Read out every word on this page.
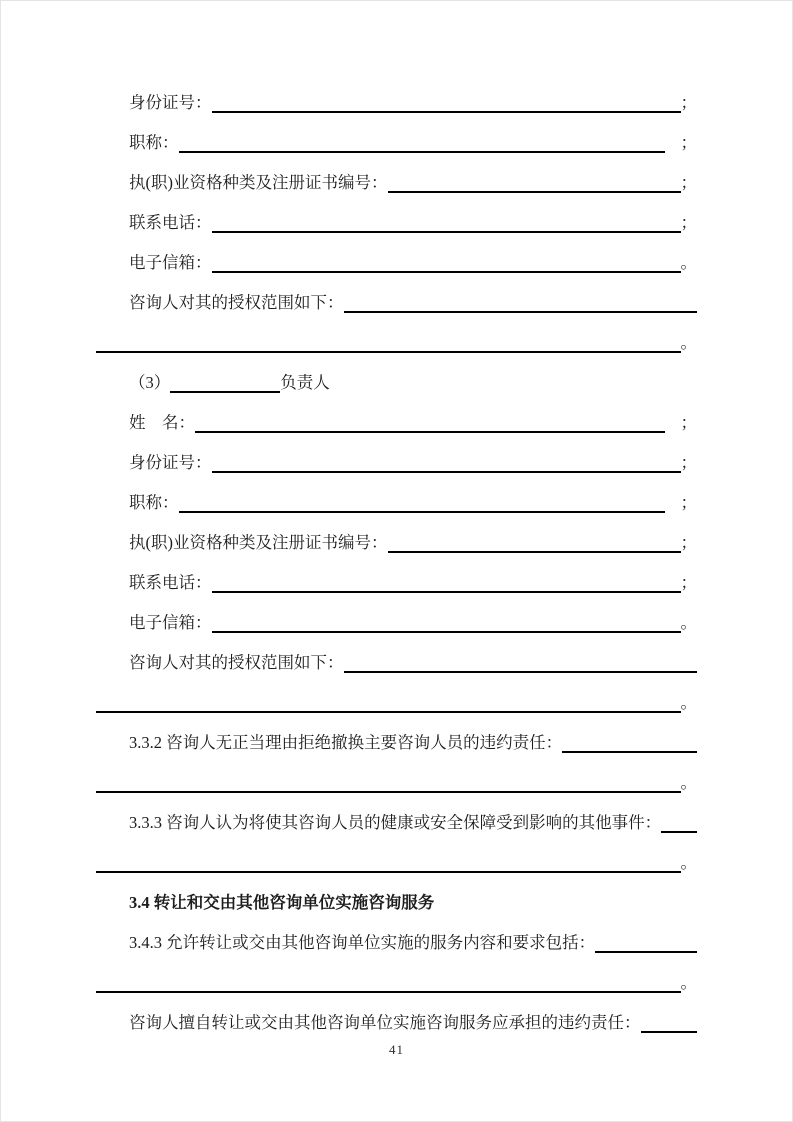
身份证号：	；
职称：	；
执(职)业资格种类及注册证书编号：	；
联系电话：	；
电子信箱：	。
咨询人对其的授权范围如下：
。
（3）	负责人
姓　名：	；
身份证号：	；
职称：	；
执(职)业资格种类及注册证书编号：	；
联系电话：	；
电子信箱：	。
咨询人对其的授权范围如下：
。
3.3.2 咨询人无正当理由拒绝撤换主要咨询人员的违约责任：
。
3.3.3 咨询人认为将使其咨询人员的健康或安全保障受到影响的其他事件：
。
3.4 转让和交由其他咨询单位实施咨询服务
3.4.3 允许转让或交由其他咨询单位实施的服务内容和要求包括：
。
咨询人擅自转让或交由其他咨询单位实施咨询服务应承担的违约责任：
41
